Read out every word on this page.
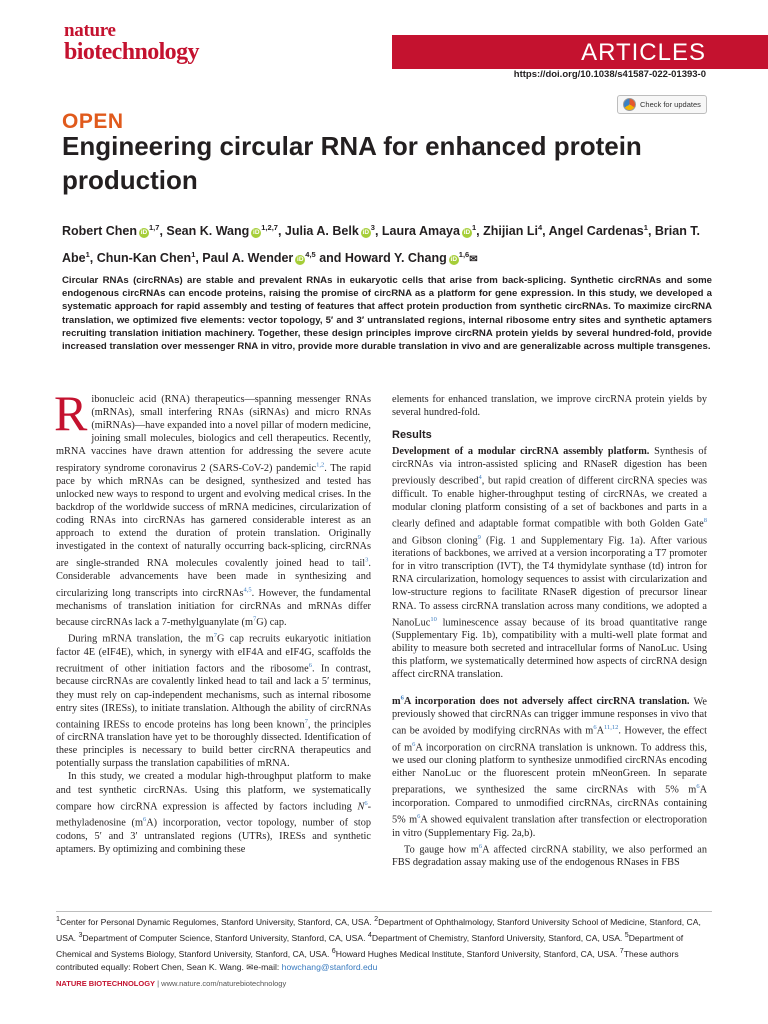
nature
biotechnology	ARTICLES
https://doi.org/10.1038/s41587-022-01393-0
Check for updates
OPEN
Engineering circular RNA for enhanced protein production
Robert Chen iD$^{1,7}$, Sean K. Wang iD$^{1,2,7}$, Julia A. Belk $iD^3$, Laura Amaya $iD^1$, Zhijian Li$^4$, Angel Cardenas$^1$, Brian T. Abe$^1$, Chun-Kan Chen$^1$, Paul A. Wender iD$^{4,5}$ and Howard Y. Chang iD$^{1,6}$✉

Circular RNAs (circRNAs) are stable and prevalent RNAs in eukaryotic cells that arise from back-splicing. Synthetic circRNAs and some endogenous circRNAs can encode proteins, raising the promise of circRNA as a platform for gene expression. In this study, we developed a systematic approach for rapid assembly and testing of features that affect protein production from synthetic circRNAs. To maximize circRNA translation, we optimized five elements: vector topology, 5′ and 3′ untranslated regions, internal ribosome entry sites and synthetic aptamers recruiting translation initiation machinery. Together, these design principles improve circRNA protein yields by several hundred-fold, provide increased translation over messenger RNA in vitro, provide more durable translation in vivo and are generalizable across multiple transgenes.

Ribonucleic acid (RNA) therapeutics—spanning messenger RNAs (mRNAs), small interfering RNAs (siRNAs) and micro RNAs (miRNAs)—have expanded into a novel pillar of modern medicine, joining small molecules, biologics and cell therapeutics. Recently, mRNA vaccines have drawn attention for addressing the severe acute respiratory syndrome coronavirus 2 (SARS-CoV-2) pandemic$^{1,2}$. The rapid pace by which mRNAs can be designed, synthesized and tested has unlocked new ways to respond to urgent and evolving medical crises. In the backdrop of the worldwide success of mRNA medicines, circularization of coding RNAs into circRNAs has garnered considerable interest as an approach to extend the duration of protein translation. Originally investigated in the context of naturally occurring back-splicing, circRNAs are single-stranded RNA molecules covalently joined head to tail$^3$. Considerable advancements have been made in synthesizing and circularizing long transcripts into circRNAs$^{4,5}$. However, the fundamental mechanisms of translation initiation for circRNAs and mRNAs differ because circRNAs lack a 7-methylguanylate $(m^7G)$ cap.

During mRNA translation, the $m^7G$ cap recruits eukaryotic initiation factor 4E (eIF4E), which, in synergy with eIF4A and eIF4G, scaffolds the recruitment of other initiation factors and the ribosome$^6$. In contrast, because circRNAs are covalently linked head to tail and lack a 5′ terminus, they must rely on cap-independent mechanisms, such as internal ribosome entry sites (IRESs), to initiate translation. Although the ability of circRNAs containing IRESs to encode proteins has long been known$^7$, the principles of circRNA translation have yet to be thoroughly dissected. Identification of these principles is necessary to build better circRNA therapeutics and potentially surpass the translation capabilities of mRNA.

In this study, we created a modular high-throughput platform to make and test synthetic circRNAs. Using this platform, we systematically compare how circRNA expression is affected by factors including $N^6$-methyladenosine $(m^6A)$ incorporation, vector topology, number of stop codons, 5′ and 3′ untranslated regions (UTRs), IRESs and synthetic aptamers. By optimizing and combining these

elements for enhanced translation, we improve circRNA protein yields by several hundred-fold.

Results

Development of a modular circRNA assembly platform. Synthesis of circRNAs via intron-assisted splicing and RNaseR digestion has been previously described$^4$, but rapid creation of different circRNA species was difficult. To enable higher-throughput testing of circRNAs, we created a modular cloning platform consisting of a set of backbones and parts in a clearly defined and adaptable format compatible with both Golden Gate$^8$ and Gibson cloning$^9$ (Fig. 1 and Supplementary Fig. 1a). After various iterations of backbones, we arrived at a version incorporating a T7 promoter for in vitro transcription (IVT), the T4 thymidylate synthase (td) intron for RNA circularization, homology sequences to assist with circularization and low-structure regions to facilitate RNaseR digestion of precursor linear RNA. To assess circRNA translation across many conditions, we adopted a NanoLuc$^{10}$ luminescence assay because of its broad quantitative range (Supplementary Fig. 1b), compatibility with a multi-well plate format and ability to measure both secreted and intracellular forms of NanoLuc. Using this platform, we systematically determined how aspects of circRNA design affect circRNA translation.

$m^6A$ incorporation does not adversely affect circRNA translation. We previously showed that circRNAs can trigger immune responses in vivo that can be avoided by modifying circRNAs with $m^6A^{11,12}$. However, the effect of $m^6A$ incorporation on circRNA translation is unknown. To address this, we used our cloning platform to synthesize unmodified circRNAs encoding either NanoLuc or the fluorescent protein mNeonGreen. In separate preparations, we synthesized the same circRNAs with 5% $m^6A$ incorporation. Compared to unmodified circRNAs, circRNAs containing 5% $m^6A$ showed equivalent translation after transfection or electroporation in vitro (Supplementary Fig. 2a,b).

To gauge how $m^6A$ affected circRNA stability, we also performed an FBS degradation assay making use of the endogenous RNases in FBS

$^1$Center for Personal Dynamic Regulomes, Stanford University, Stanford, CA, USA. $^2$Department of Ophthalmology, Stanford University School of Medicine, Stanford, CA, USA. $^3$Department of Computer Science, Stanford University, Stanford, CA, USA. $^4$Department of Chemistry, Stanford University, Stanford, CA, USA. $^5$Department of Chemical and Systems Biology, Stanford University, Stanford, CA, USA. $^6$Howard Hughes Medical Institute, Stanford University, Stanford, CA, USA. $^7$These authors contributed equally: Robert Chen, Sean K. Wang. ✉e-mail: howchang@stanford.edu

NATURE BIOTECHNOLOGY | www.nature.com/naturebiotechnology
